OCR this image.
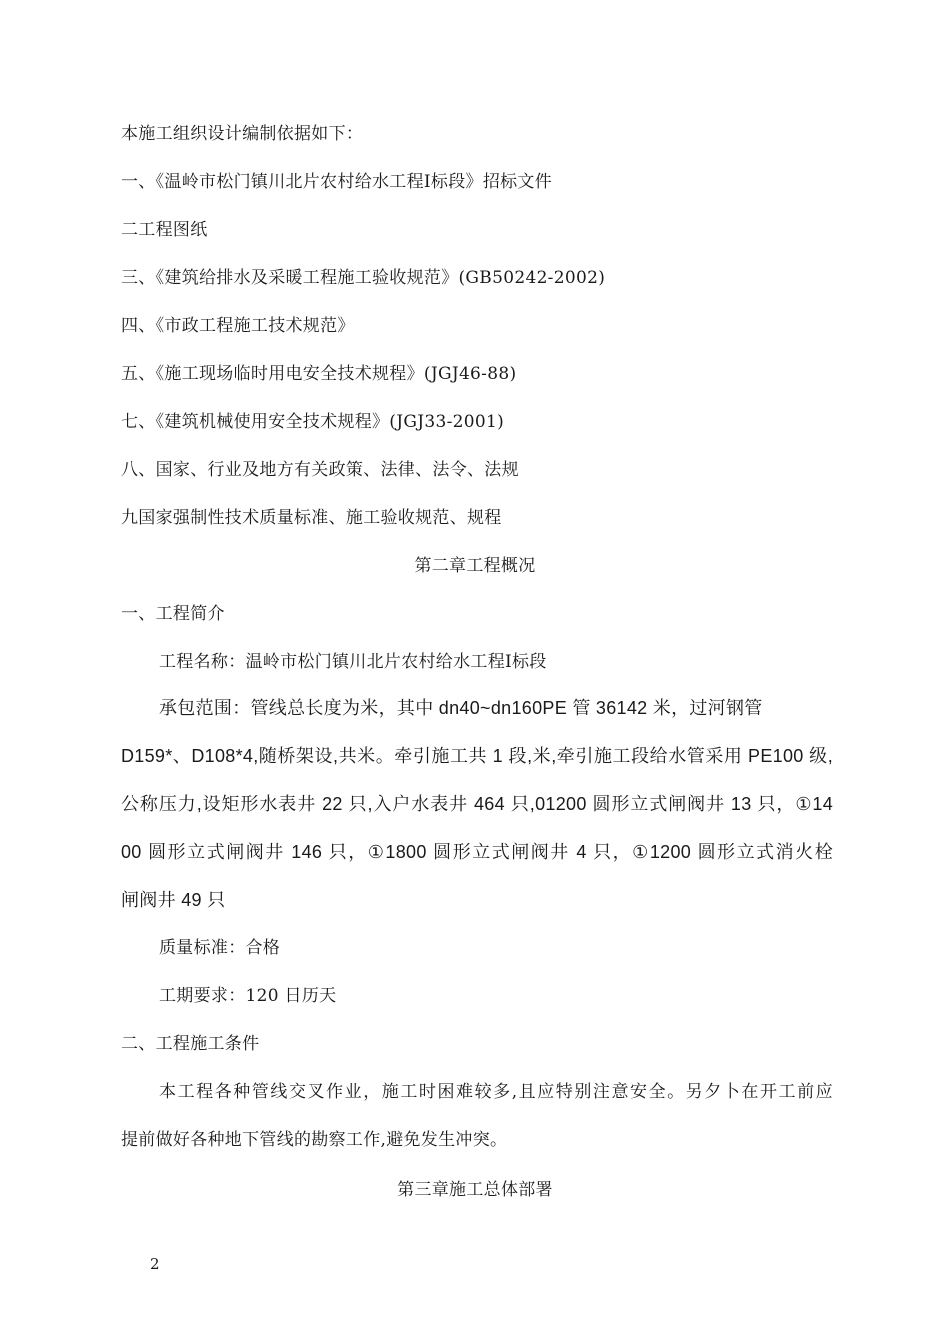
本施工组织设计编制依据如下：
一、《温岭市松门镇川北片农村给水工程Ⅰ标段》招标文件
二工程图纸
三、《建筑给排水及采暖工程施工验收规范》(GB50242-2002)
四、《市政工程施工技术规范》
五、《施工现场临时用电安全技术规程》(JGJ46-88)
七、《建筑机械使用安全技术规程》(JGJ33-2001)
八、国家、行业及地方有关政策、法律、法令、法规
九国家强制性技术质量标准、施工验收规范、规程
第二章工程概况
一、工程简介
工程名称：温岭市松门镇川北片农村给水工程Ⅰ标段
承包范围：管线总长度为米，其中 dn40~dn160PE 管 36142 米，过河钢管
D159*、D108*4,随桥架设,共米。牵引施工共 1 段,米,牵引施工段给水管采用 PE100 级,
公称压力,设矩形水表井 22 只,入户水表井 464 只,01200 圆形立式闸阀井 13 只，①14
00 圆形立式闸阀井 146 只，①1800 圆形立式闸阀井 4 只，①1200 圆形立式消火栓
闸阀井 49 只
质量标准：合格
工期要求：120 日历天
二、工程施工条件
本工程各种管线交叉作业，施工时困难较多,且应特别注意安全。另夕卜在开工前应
提前做好各种地下管线的勘察工作,避免发生冲突。
第三章施工总体部署
2
